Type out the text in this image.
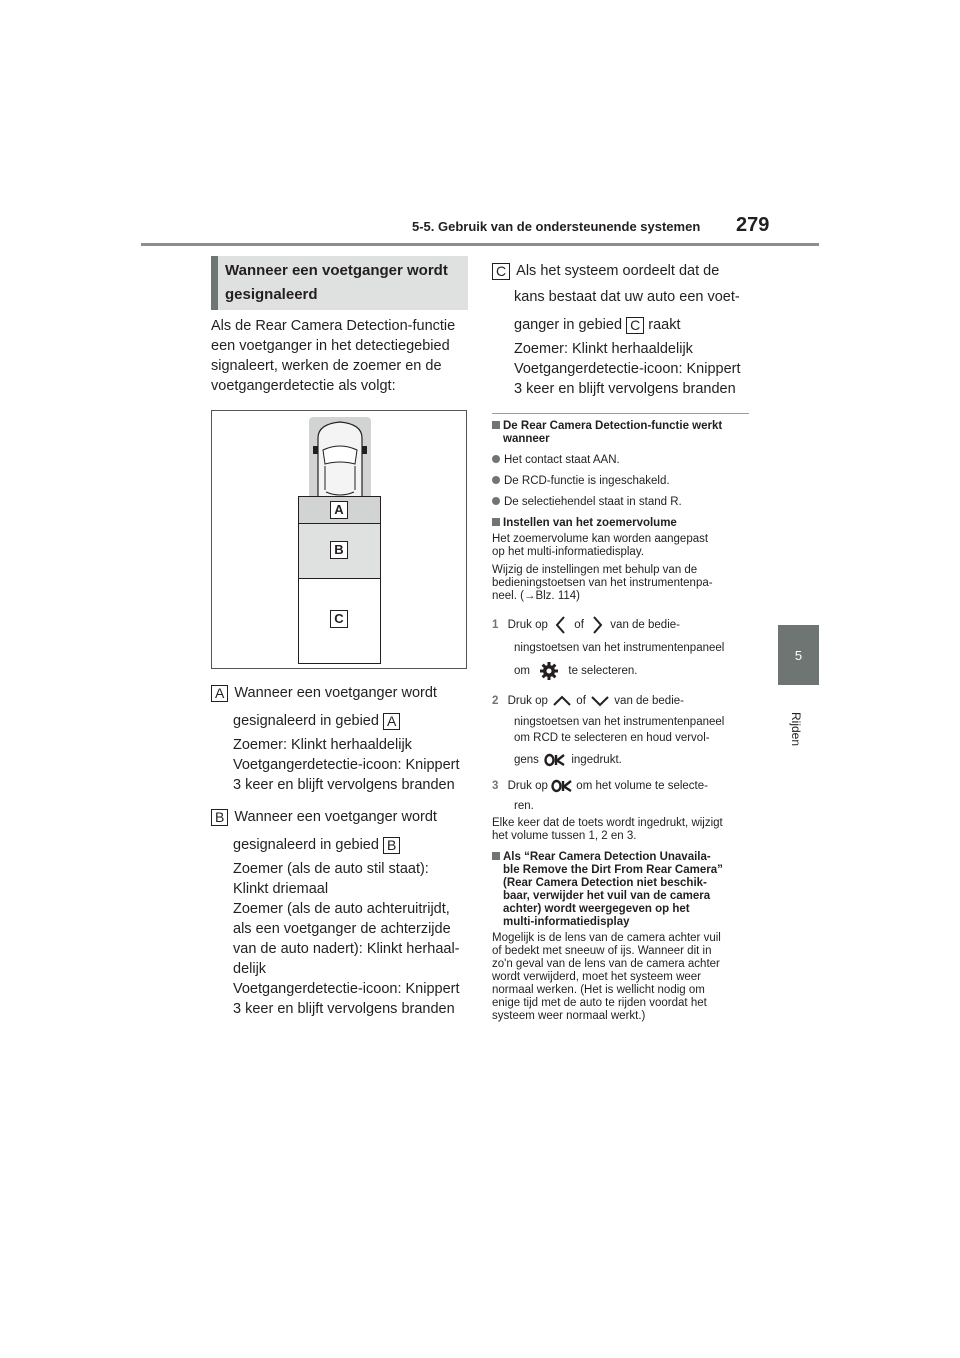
5-5. Gebruik van de ondersteunende systemen 279
5
Rijden
Wanneer een voetganger wordt gesignaleerd
Als de Rear Camera Detection-functie
een voetganger in het detectiegebied
signaleert, werken de zoemer en de
voetgangerdetectie als volgt:
A
B
C
A Wanneer een voetganger wordt
gesignaleerd in gebied A
Zoemer: Klinkt herhaaldelijk
Voetgangerdetectie-icoon: Knippert
3 keer en blijft vervolgens branden
B Wanneer een voetganger wordt
gesignaleerd in gebied B
Zoemer (als de auto stil staat):
Klinkt driemaal
Zoemer (als de auto achteruitrijdt,
als een voetganger de achterzijde
van de auto nadert): Klinkt herhaal-
delijk
Voetgangerdetectie-icoon: Knippert
3 keer en blijft vervolgens branden
C Als het systeem oordeelt dat de
kans bestaat dat uw auto een voet-
ganger in gebied C raakt
Zoemer: Klinkt herhaaldelijk
Voetgangerdetectie-icoon: Knippert
3 keer en blijft vervolgens branden
De Rear Camera Detection-functie werkt
wanneer
Het contact staat AAN.
De RCD-functie is ingeschakeld.
De selectiehendel staat in stand R.
Instellen van het zoemervolume
Het zoemervolume kan worden aangepast
op het multi-informatiedisplay.
Wijzig de instellingen met behulp van de
bedieningstoetsen van het instrumentenpa-
neel. (→Blz. 114)
1 Druk op of van de bedie-
ningstoetsen van het instrumentenpaneel
om	te selecteren.
2 Druk op of van de bedie-
ningstoetsen van het instrumentenpaneel
om RCD te selecteren en houd vervol-
gens	ingedrukt.
3 Druk op om het volume te selecte-
ren.
Elke keer dat de toets wordt ingedrukt, wijzigt
het volume tussen 1, 2 en 3.
Als “Rear Camera Detection Unavaila-
ble Remove the Dirt From Rear Camera”
(Rear Camera Detection niet beschik-
baar, verwijder het vuil van de camera
achter) wordt weergegeven op het
multi-informatiedisplay
Mogelijk is de lens van de camera achter vuil
of bedekt met sneeuw of ijs. Wanneer dit in
zo'n geval van de lens van de camera achter
wordt verwijderd, moet het systeem weer
normaal werken. (Het is wellicht nodig om
enige tijd met de auto te rijden voordat het
systeem weer normaal werkt.)
